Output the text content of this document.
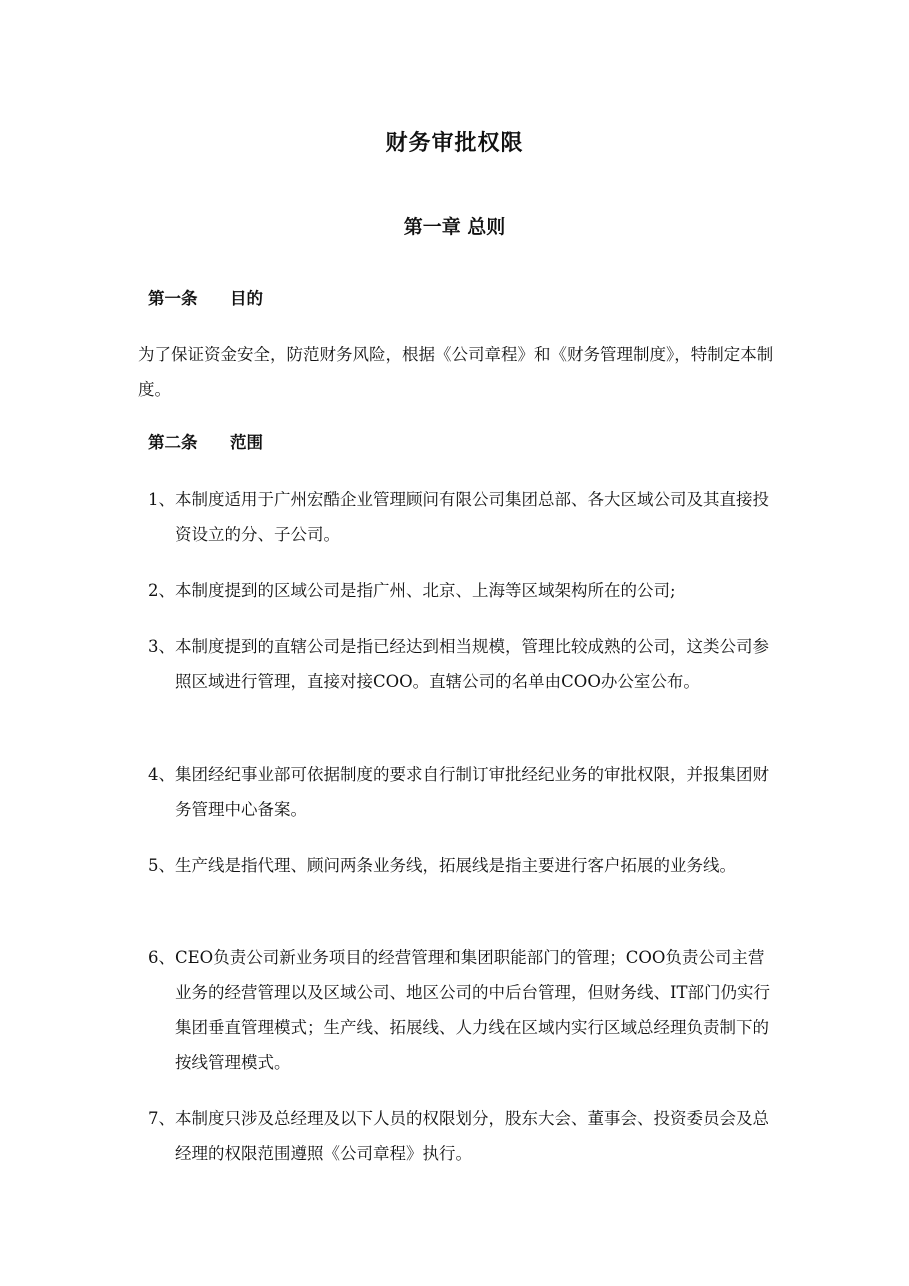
财务审批权限
第一章 总则
第一条 目的
为了保证资金安全，防范财务风险，根据《公司章程》和《财务管理制度》，特制定本制度。
第二条 范围
1、 本制度适用于广州宏酷企业管理顾问有限公司集团总部、各大区域公司及其直接投资设立的分、子公司。
2、 本制度提到的区域公司是指广州、北京、上海等区域架构所在的公司;
3、 本制度提到的直辖公司是指已经达到相当规模，管理比较成熟的公司，这类公司参照区域进行管理，直接对接COO。直辖公司的名单由COO办公室公布。
4、 集团经纪事业部可依据制度的要求自行制订审批经纪业务的审批权限，并报集团财务管理中心备案。
5、 生产线是指代理、顾问两条业务线，拓展线是指主要进行客户拓展的业务线。
6、 CEO负责公司新业务项目的经营管理和集团职能部门的管理；COO负责公司主营业务的经营管理以及区域公司、地区公司的中后台管理，但财务线、IT部门仍实行集团垂直管理模式；生产线、拓展线、人力线在区域内实行区域总经理负责制下的按线管理模式。
7、 本制度只涉及总经理及以下人员的权限划分，股东大会、董事会、投资委员会及总经理的权限范围遵照《公司章程》执行。
